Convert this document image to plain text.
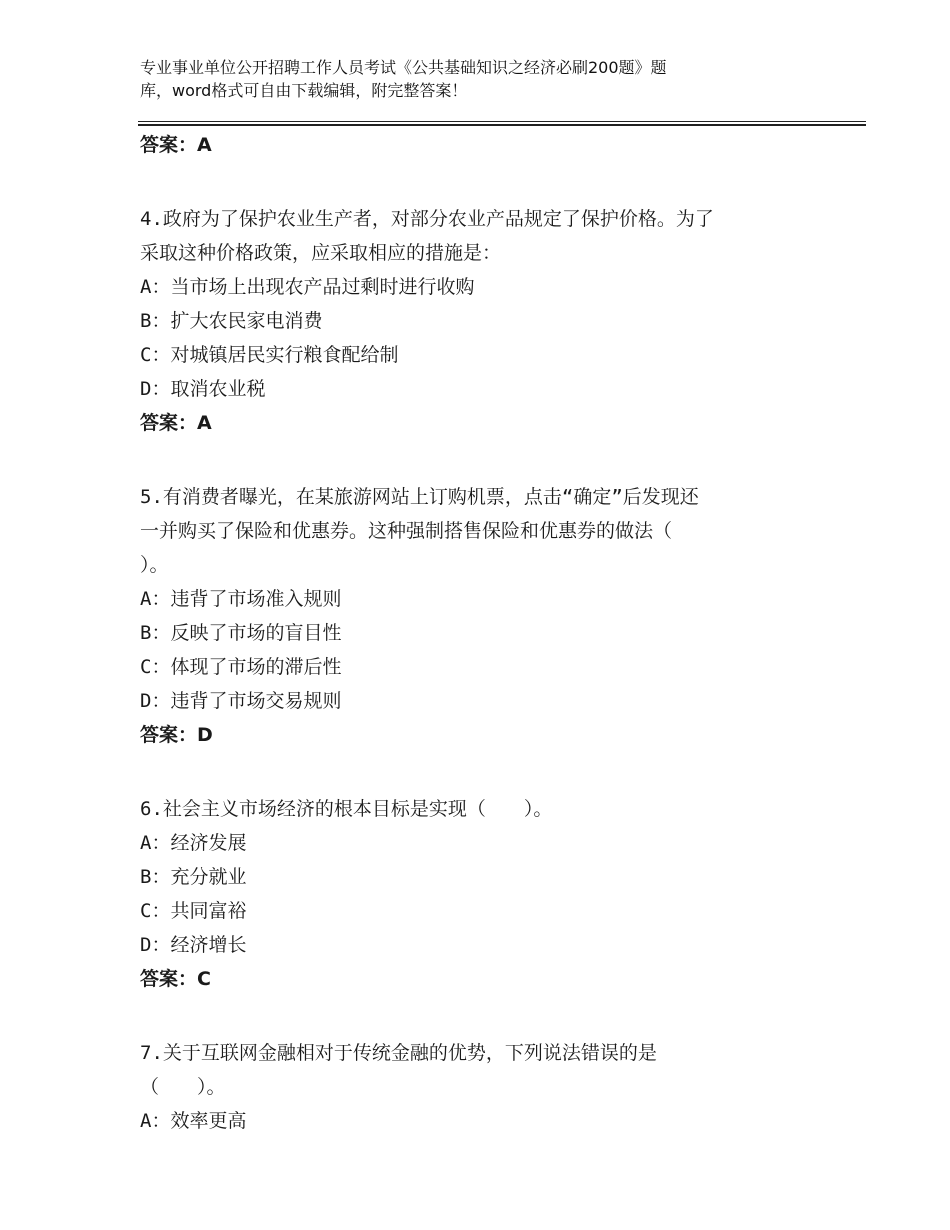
专业事业单位公开招聘工作人员考试《公共基础知识之经济必刷200题》题
库，word格式可自由下载编辑，附完整答案！
答案：A
4.政府为了保护农业生产者，对部分农业产品规定了保护价格。为了
采取这种价格政策，应采取相应的措施是：
A：当市场上出现农产品过剩时进行收购
B：扩大农民家电消费
C：对城镇居民实行粮食配给制
D：取消农业税
答案：A
5.有消费者曝光，在某旅游网站上订购机票，点击“确定”后发现还
一并购买了保险和优惠券。这种强制搭售保险和优惠券的做法（
）。
A：违背了市场准入规则
B：反映了市场的盲目性
C：体现了市场的滞后性
D：违背了市场交易规则
答案：D
6.社会主义市场经济的根本目标是实现（　　）。
A：经济发展
B：充分就业
C：共同富裕
D：经济增长
答案：C
7.关于互联网金融相对于传统金融的优势，下列说法错误的是
（　　）。
A：效率更高
